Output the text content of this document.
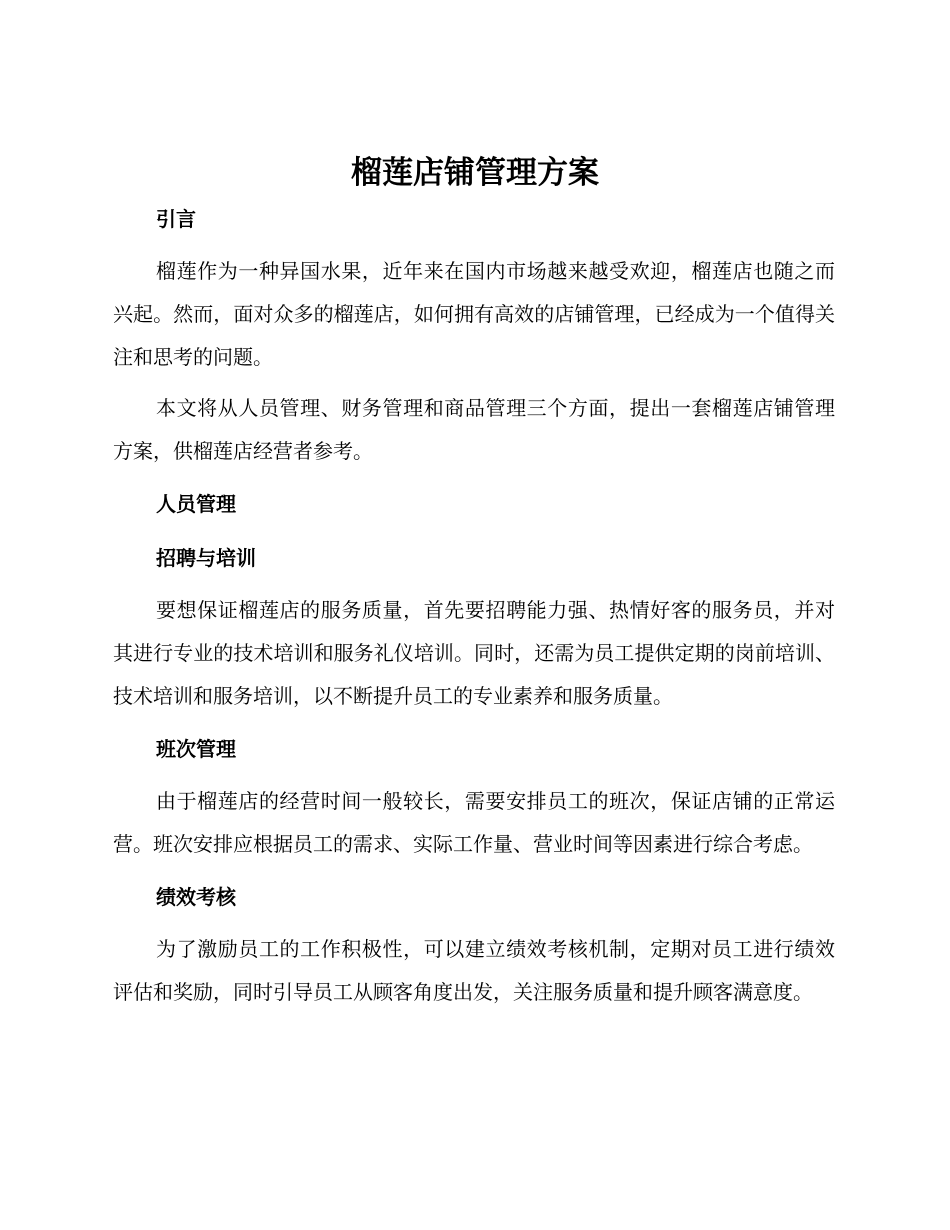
榴莲店铺管理方案

引言

榴莲作为一种异国水果，近年来在国内市场越来越受欢迎，榴莲店也随之而兴起。然而，面对众多的榴莲店，如何拥有高效的店铺管理，已经成为一个值得关注和思考的问题。

本文将从人员管理、财务管理和商品管理三个方面，提出一套榴莲店铺管理方案，供榴莲店经营者参考。

人员管理

招聘与培训

要想保证榴莲店的服务质量，首先要招聘能力强、热情好客的服务员，并对其进行专业的技术培训和服务礼仪培训。同时，还需为员工提供定期的岗前培训、技术培训和服务培训，以不断提升员工的专业素养和服务质量。

班次管理

由于榴莲店的经营时间一般较长，需要安排员工的班次，保证店铺的正常运营。班次安排应根据员工的需求、实际工作量、营业时间等因素进行综合考虑。

绩效考核

为了激励员工的工作积极性，可以建立绩效考核机制，定期对员工进行绩效评估和奖励，同时引导员工从顾客角度出发，关注服务质量和提升顾客满意度。
